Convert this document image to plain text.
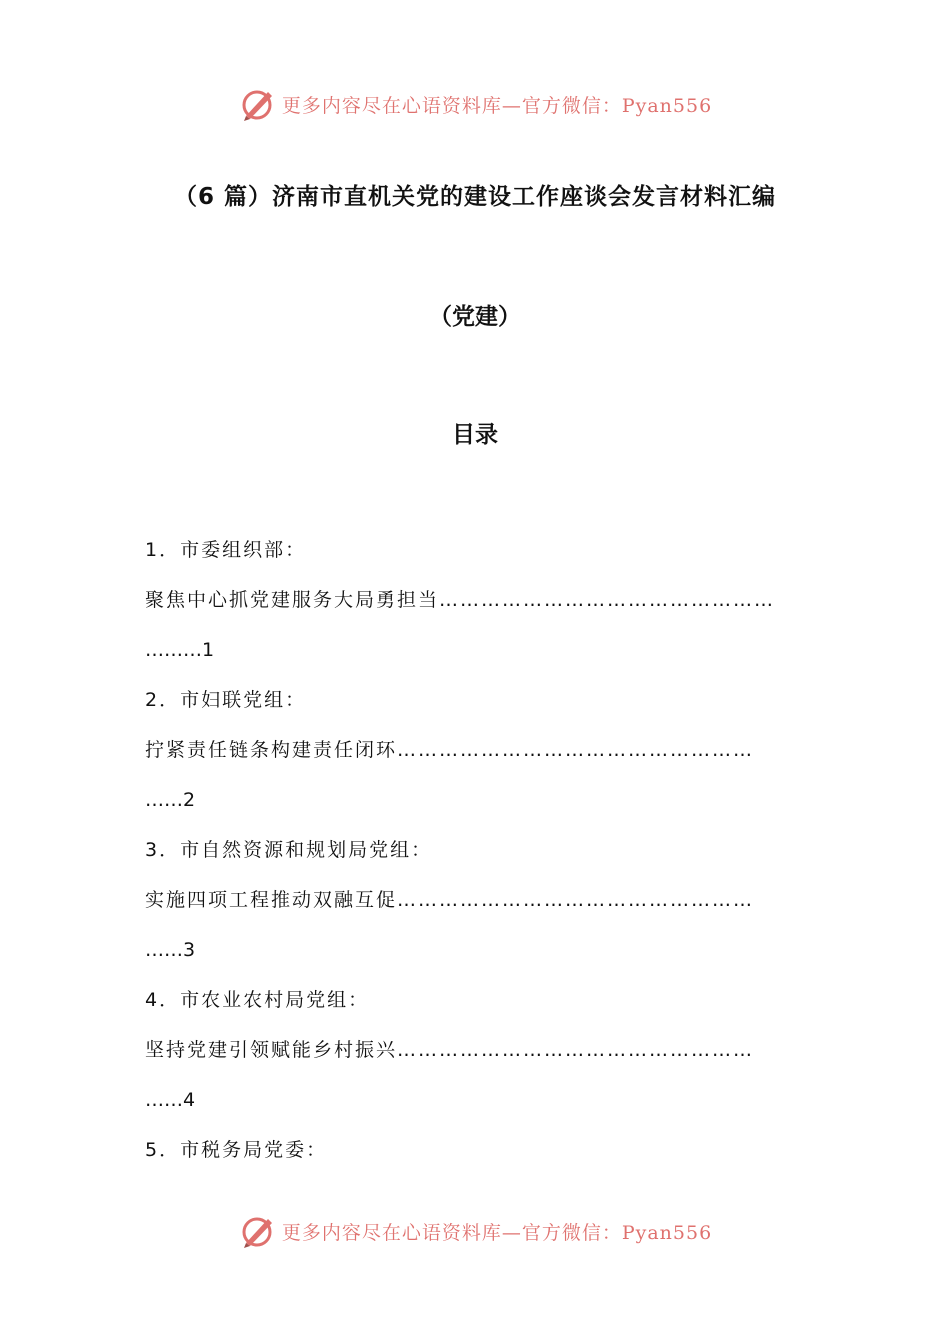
更多内容尽在心语资料库—官方微信：Pyan556
（6 篇）济南市直机关党的建设工作座谈会发言材料汇编
（党建）
目录
1．市委组织部：
聚焦中心抓党建服务大局勇担当…………………………………………
………1
2．市妇联党组：
拧紧责任链条构建责任闭环……………………………………………
……2
3．市自然资源和规划局党组：
实施四项工程推动双融互促……………………………………………
……3
4．市农业农村局党组：
坚持党建引领赋能乡村振兴……………………………………………
……4
5．市税务局党委：
更多内容尽在心语资料库—官方微信：Pyan556
